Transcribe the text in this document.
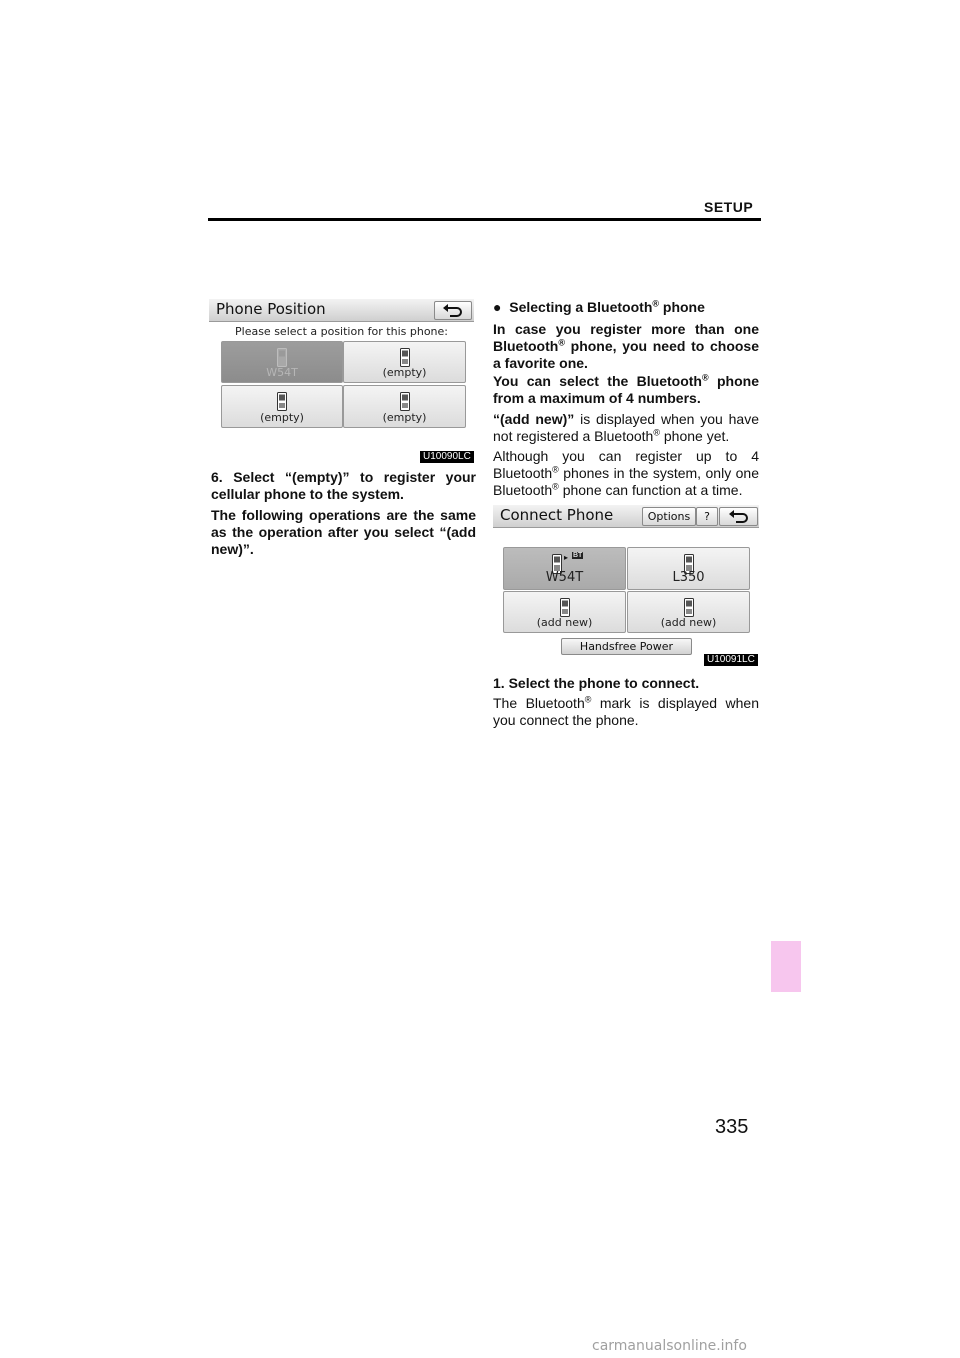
SETUP
Phone Position
Please select a position for this phone:
W54T	(empty)
(empty)	(empty)
U10090LC

6. Select “(empty)” to register your cellular phone to the system.

The following operations are the same as the operation after you select “(add new)”.

● Selecting a Bluetooth® phone

In case you register more than one Bluetooth® phone, you need to choose a favorite one.

You can select the Bluetooth® phone from a maximum of 4 numbers.

“(add new)” is displayed when you have not registered a Bluetooth® phone yet.

Although you can register up to 4 Bluetooth® phones in the system, only one Bluetooth® phone can function at a time.

Connect Phone	Options	?
▸ BT
W54T	L350
(add new)	(add new)
Handsfree Power
U10091LC

1. Select the phone to connect.

The Bluetooth® mark is displayed when you connect the phone.

335
carmanualsonline.info
